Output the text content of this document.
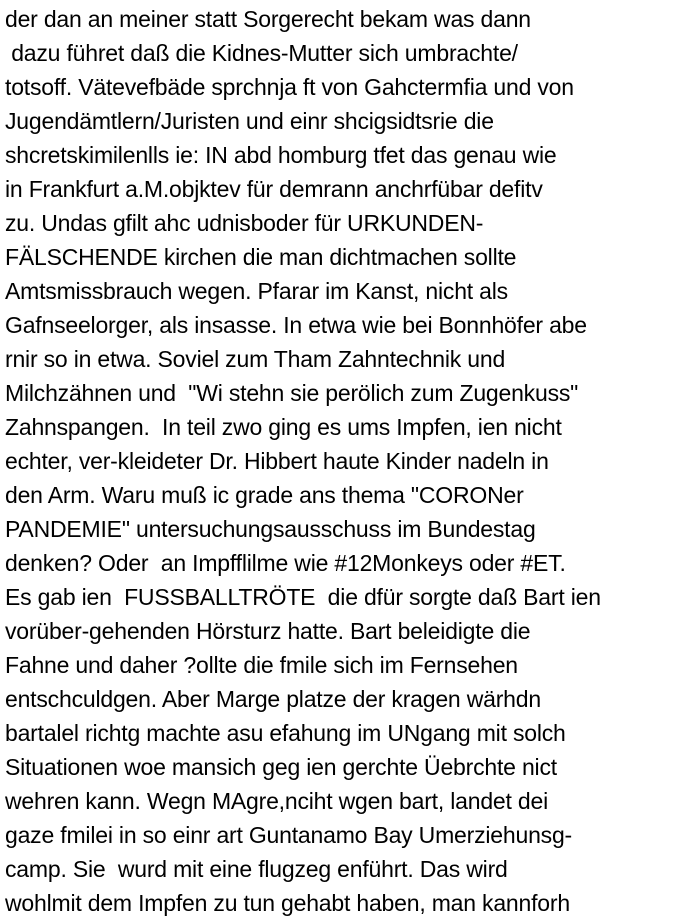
der dan an meiner statt Sorgerecht bekam was dann
dazu führet daß die Kidnes-Mutter sich umbrachte/
totsoff. Vätevefbäde sprchnja ft von Gahctermfia und von
Jugendämtlern/Juristen und einr shcigsidtsrie die
shcretskimilenlls ie: IN abd homburg tfet das genau wie
in Frankfurt a.M.objktev für demrann anchrfübar defitv
zu. Undas gfilt ahc udnisboder für URKUNDEN-
FÄLSCHENDE kirchen die man dichtmachen sollte
Amtsmissbrauch wegen. Pfarar im Kanst, nicht als
Gafnseelorger, als insasse. In etwa wie bei Bonnhöfer abe
rnir so in etwa. Soviel zum Tham Zahntechnik und
Milchzähnen und  "Wi stehn sie perölich zum Zugenkuss"
Zahnspangen.  In teil zwo ging es ums Impfen, ien nicht
echter, ver-kleideter Dr. Hibbert haute Kinder nadeln in
den Arm. Waru muß ic grade ans thema "CORONer
PANDEMIE" untersuchungsausschuss im Bundestag
denken? Oder  an Impfflilme wie #12Monkeys oder #ET.
Es gab ien  FUSSBALLTRÖTE  die dfür sorgte daß Bart ien
vorüber-gehenden Hörsturz hatte. Bart beleidigte die
Fahne und daher ?ollte die fmile sich im Fernsehen
entschculdgen. Aber Marge platze der kragen wärhdn
bartalel richtg machte asu efahung im UNgang mit solch
Situationen woe mansich geg ien gerchte Üebrchte nict
wehren kann. Wegn MAgre,nciht wgen bart, landet dei
gaze fmilei in so einr art Guntanamo Bay Umerziehunsg-
camp. Sie  wurd mit eine flugzeg enführt. Das wird
wohlmit dem Impfen zu tun gehabt haben, man kannforh
